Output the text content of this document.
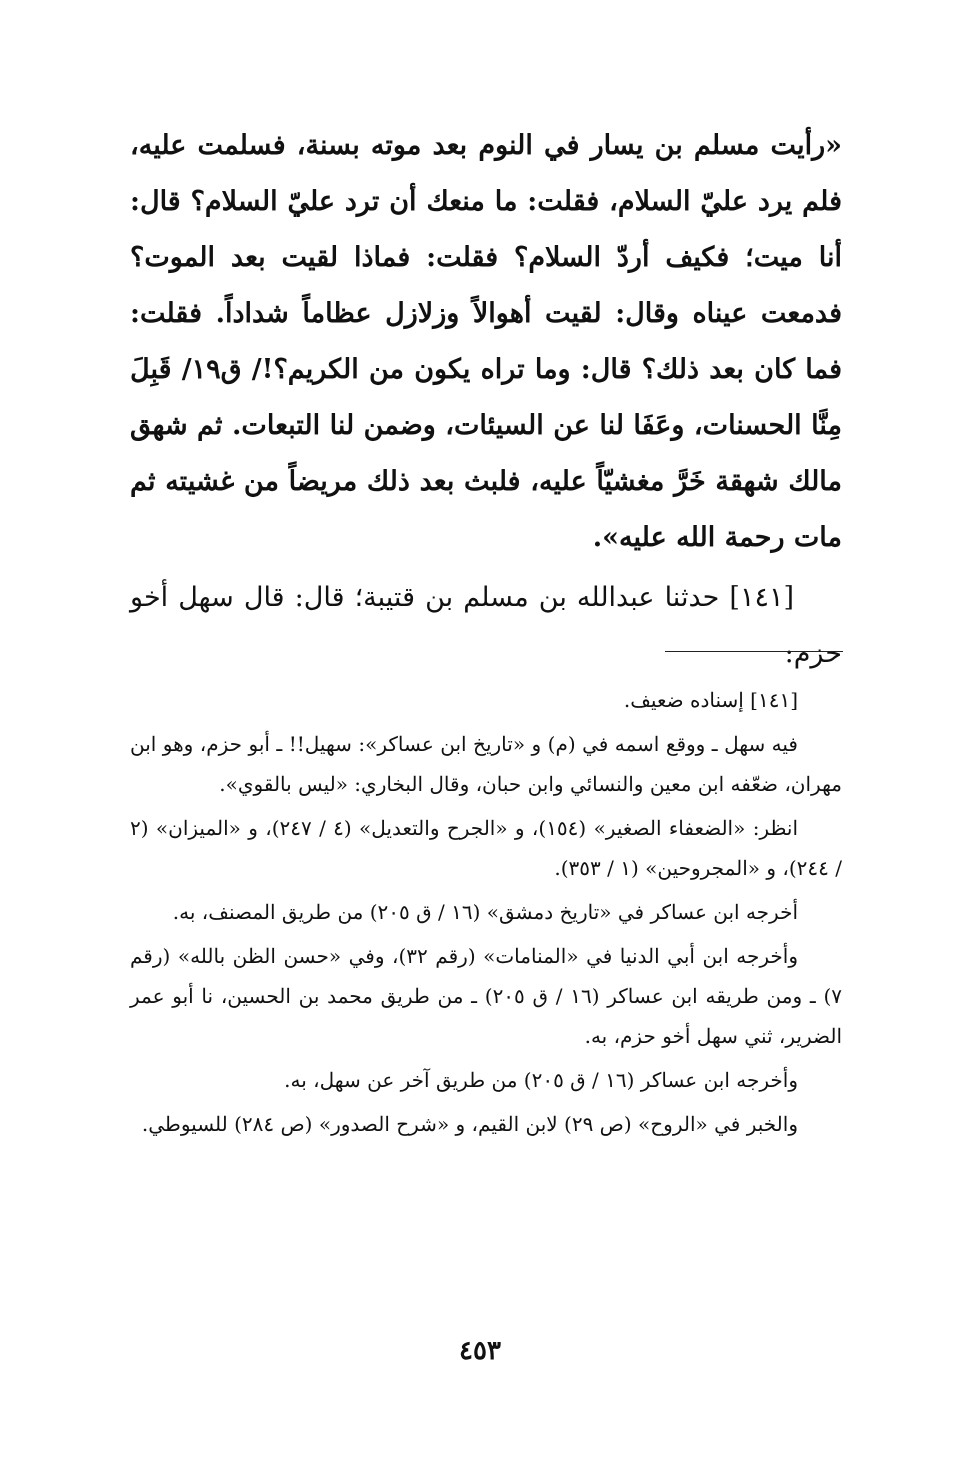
«رأيت مسلم بن يسار في النوم بعد موته بسنة، فسلمت عليه، فلم يرد عليّ السلام، فقلت: ما منعك أن ترد عليّ السلام؟ قال: أنا ميت؛ فكيف أردّ السلام؟ فقلت: فماذا لقيت بعد الموت؟ فدمعت عيناه وقال: لقيت أهوالاً وزلازل عظاماً شداداً. فقلت: فما كان بعد ذلك؟ قال: وما تراه يكون من الكريم؟!/ ق١٩/ قَبِلَ مِنَّا الحسنات، وعَفَا لنا عن السيئات، وضمن لنا التبعات. ثم شهق مالك شهقة خَرَّ مغشيّاً عليه، فلبث بعد ذلك مريضاً من غشيته ثم مات رحمة الله عليه».

[١٤١] حدثنا عبدالله بن مسلم بن قتيبة؛ قال: قال سهل أخو حزم:

[١٤١] إسناده ضعيف.

فيه سهل ـ ووقع اسمه في (م) و «تاريخ ابن عساكر»: سهيل!! ـ أبو حزم، وهو ابن مهران، ضعّفه ابن معين والنسائي وابن حبان، وقال البخاري: «ليس بالقوي».

انظر: «الضعفاء الصغير» (١٥٤)، و «الجرح والتعديل» (٤ / ٢٤٧)، و «الميزان» (٢ / ٢٤٤)، و «المجروحين» (١ / ٣٥٣).

أخرجه ابن عساكر في «تاريخ دمشق» (١٦ / ق ٢٠٥) من طريق المصنف، به.

وأخرجه ابن أبي الدنيا في «المنامات» (رقم ٣٢)، وفي «حسن الظن بالله» (رقم ٧) ـ ومن طريقه ابن عساكر (١٦ / ق ٢٠٥) ـ من طريق محمد بن الحسين، نا أبو عمر الضرير، ثني سهل أخو حزم، به.

وأخرجه ابن عساكر (١٦ / ق ٢٠٥) من طريق آخر عن سهل، به.

والخبر في «الروح» (ص ٢٩) لابن القيم، و «شرح الصدور» (ص ٢٨٤) للسيوطي.

٤٥٣
